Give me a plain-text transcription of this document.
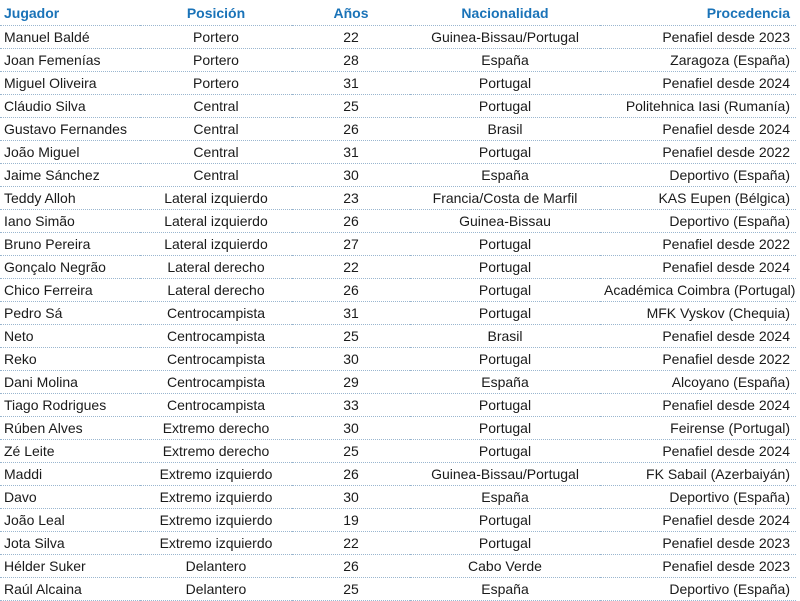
Jugador	Posición	Años	Nacionalidad	Procedencia
Manuel Baldé	Portero	22	Guinea-Bissau/Portugal	Penafiel desde 2023
Joan Femenías	Portero	28	España	Zaragoza (España)
Miguel Oliveira	Portero	31	Portugal	Penafiel desde 2024
Cláudio Silva	Central	25	Portugal	Politehnica Iasi (Rumanía)
Gustavo Fernandes	Central	26	Brasil	Penafiel desde 2024
João Miguel	Central	31	Portugal	Penafiel desde 2022
Jaime Sánchez	Central	30	España	Deportivo (España)
Teddy Alloh	Lateral izquierdo	23	Francia/Costa de Marfil	KAS Eupen (Bélgica)
Iano Simão	Lateral izquierdo	26	Guinea-Bissau	Deportivo (España)
Bruno Pereira	Lateral izquierdo	27	Portugal	Penafiel desde 2022
Gonçalo Negrão	Lateral derecho	22	Portugal	Penafiel desde 2024
Chico Ferreira	Lateral derecho	26	Portugal	Académica Coimbra (Portugal)
Pedro Sá	Centrocampista	31	Portugal	MFK Vyskov (Chequia)
Neto	Centrocampista	25	Brasil	Penafiel desde 2024
Reko	Centrocampista	30	Portugal	Penafiel desde 2022
Dani Molina	Centrocampista	29	España	Alcoyano (España)
Tiago Rodrigues	Centrocampista	33	Portugal	Penafiel desde 2024
Rúben Alves	Extremo derecho	30	Portugal	Feirense (Portugal)
Zé Leite	Extremo derecho	25	Portugal	Penafiel desde 2024
Maddi	Extremo izquierdo	26	Guinea-Bissau/Portugal	FK Sabail (Azerbaiyán)
Davo	Extremo izquierdo	30	España	Deportivo (España)
João Leal	Extremo izquierdo	19	Portugal	Penafiel desde 2024
Jota Silva	Extremo izquierdo	22	Portugal	Penafiel desde 2023
Hélder Suker	Delantero	26	Cabo Verde	Penafiel desde 2023
Raúl Alcaina	Delantero	25	España	Deportivo (España)
